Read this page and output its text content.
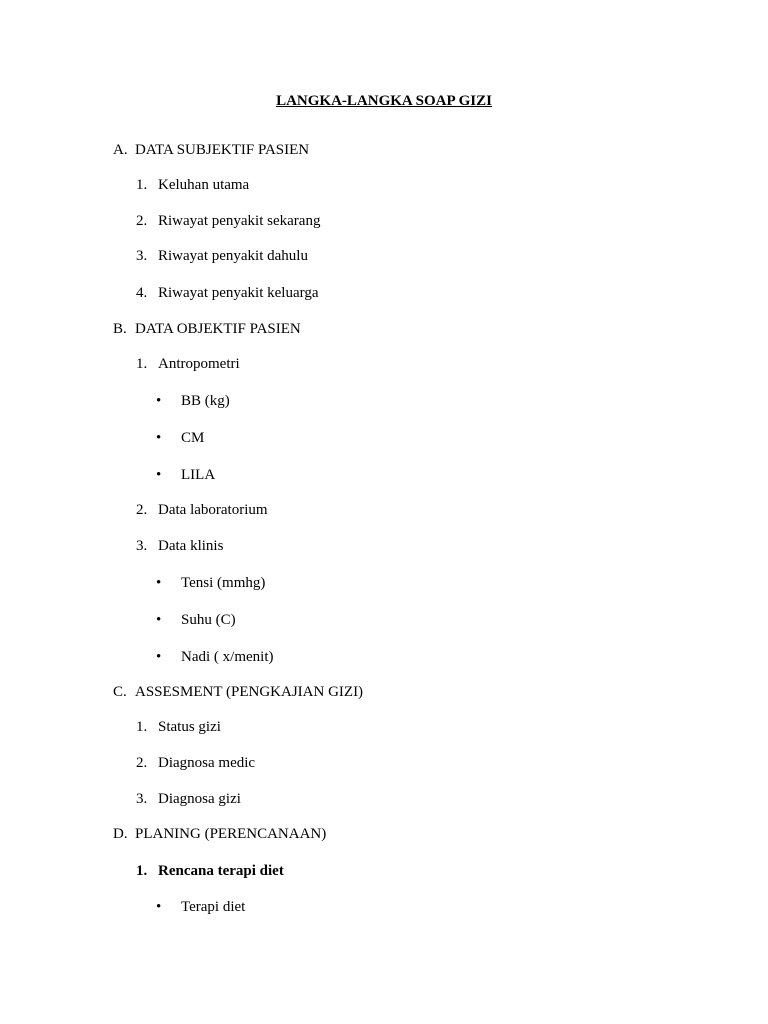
LANGKA-LANGKA SOAP GIZI
A. DATA SUBJEKTIF PASIEN
1. Keluhan utama
2. Riwayat penyakit sekarang
3. Riwayat penyakit dahulu
4. Riwayat penyakit keluarga
B. DATA OBJEKTIF PASIEN
1. Antropometri
• BB (kg)
• CM
• LILA
2. Data laboratorium
3. Data klinis
• Tensi (mmhg)
• Suhu (C)
• Nadi ( x/menit)
C. ASSESMENT (PENGKAJIAN GIZI)
1. Status gizi
2. Diagnosa medic
3. Diagnosa gizi
D. PLANING (PERENCANAAN)
1. Rencana terapi diet
• Terapi diet
